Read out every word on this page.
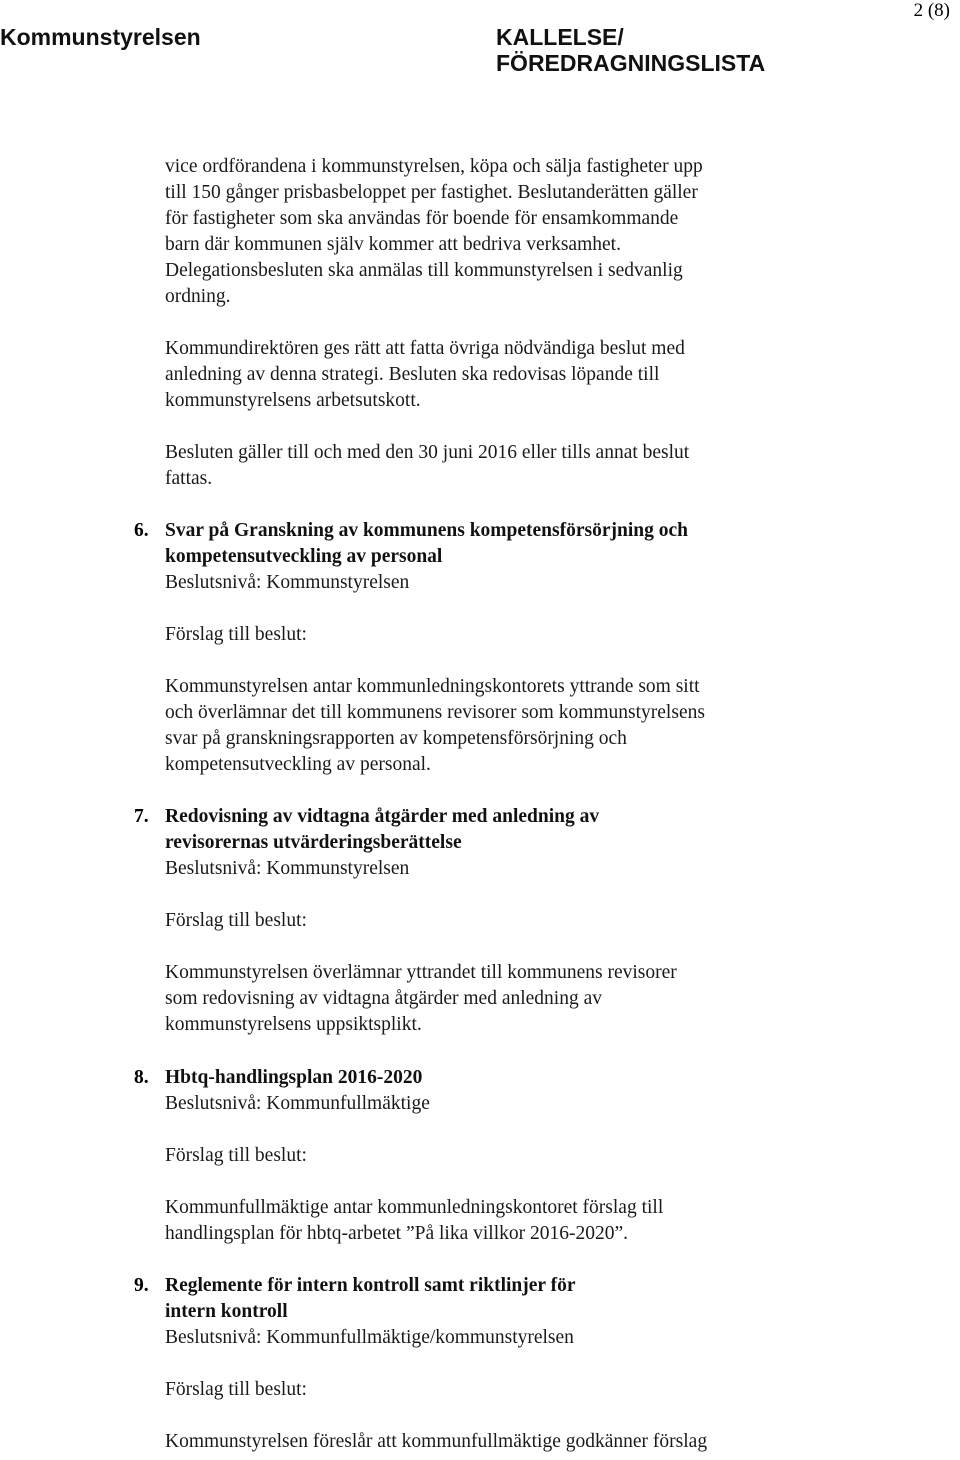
Kommunstyrelsen	KALLELSE/
FÖREDRAGNINGSLISTA
2 (8)
vice ordförandena i kommunstyrelsen, köpa och sälja fastigheter upp
till 150 gånger prisbasbeloppet per fastighet. Beslutanderätten gäller
för fastigheter som ska användas för boende för ensamkommande
barn där kommunen själv kommer att bedriva verksamhet.
Delegationsbesluten ska anmälas till kommunstyrelsen i sedvanlig
ordning.
Kommundirektören ges rätt att fatta övriga nödvändiga beslut med
anledning av denna strategi. Besluten ska redovisas löpande till
kommunstyrelsens arbetsutskott.
Besluten gäller till och med den 30 juni 2016 eller tills annat beslut
fattas.
6. Svar på Granskning av kommunens kompetensförsörjning och
kompetensutveckling av personal
Beslutsnivå: Kommunstyrelsen
Förslag till beslut:
Kommunstyrelsen antar kommunledningskontorets yttrande som sitt
och överlämnar det till kommunens revisorer som kommunstyrelsens
svar på granskningsrapporten av kompetensförsörjning och
kompetensutveckling av personal.
7. Redovisning av vidtagna åtgärder med anledning av
revisorernas utvärderingsberättelse
Beslutsnivå: Kommunstyrelsen
Förslag till beslut:
Kommunstyrelsen överlämnar yttrandet till kommunens revisorer
som redovisning av vidtagna åtgärder med anledning av
kommunstyrelsens uppsiktsplikt.
8. Hbtq-handlingsplan 2016-2020
Beslutsnivå: Kommunfullmäktige
Förslag till beslut:
Kommunfullmäktige antar kommunledningskontoret förslag till
handlingsplan för hbtq-arbetet ”På lika villkor 2016-2020”.
9. Reglemente för intern kontroll samt riktlinjer för
intern kontroll
Beslutsnivå: Kommunfullmäktige/kommunstyrelsen
Förslag till beslut:
Kommunstyrelsen föreslår att kommunfullmäktige godkänner förslag
